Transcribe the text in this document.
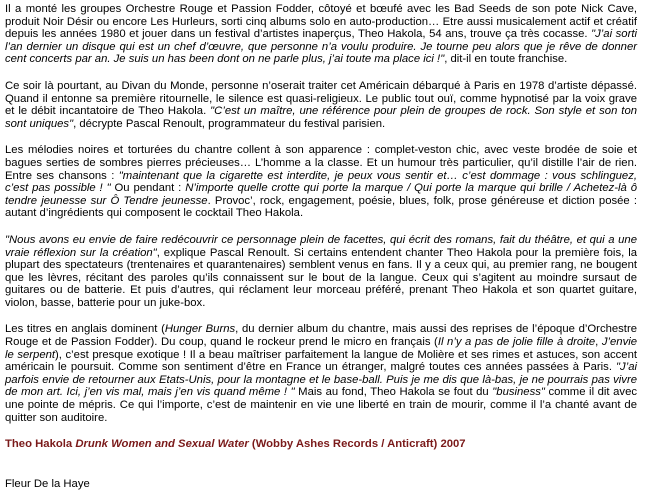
Il a monté les groupes Orchestre Rouge et Passion Fodder, côtoyé et bœufé avec les Bad Seeds de son pote Nick Cave, produit Noir Désir ou encore Les Hurleurs, sorti cinq albums solo en auto-production… Etre aussi musicalement actif et créatif depuis les années 1980 et jouer dans un festival d’artistes inaperçus, Theo Hakola, 54 ans, trouve ça très cocasse. "J’ai sorti l’an dernier un disque qui est un chef d’œuvre, que personne n’a voulu produire. Je tourne peu alors que je rêve de donner cent concerts par an. Je suis un has been dont on ne parle plus, j’ai toute ma place ici !", dit-il en toute franchise.

Ce soir là pourtant, au Divan du Monde, personne n’oserait traiter cet Américain débarqué à Paris en 1978 d’artiste dépassé. Quand il entonne sa première ritournelle, le silence est quasi-religieux. Le public tout ouï, comme hypnotisé par la voix grave et le débit incantatoire de Theo Hakola. "C’est un maître, une référence pour plein de groupes de rock. Son style et son ton sont uniques", décrypte Pascal Renoult, programmateur du festival parisien.

Les mélodies noires et torturées du chantre collent à son apparence : complet-veston chic, avec veste brodée de soie et bagues serties de sombres pierres précieuses… L’homme a la classe. Et un humour très particulier, qu’il distille l’air de rien. Entre ses chansons : "maintenant que la cigarette est interdite, je peux vous sentir et… c’est dommage : vous schlinguez, c’est pas possible ! " Ou pendant : N’importe quelle crotte qui porte la marque / Qui porte la marque qui brille / Achetez-là ô tendre jeunesse sur Ô Tendre jeunesse. Provoc’, rock, engagement, poésie, blues, folk, prose généreuse et diction posée : autant d’ingrédients qui composent le cocktail Theo Hakola.

"Nous avons eu envie de faire redécouvrir ce personnage plein de facettes, qui écrit des romans, fait du théâtre, et qui a une vraie réflexion sur la création", explique Pascal Renoult. Si certains entendent chanter Theo Hakola pour la première fois, la plupart des spectateurs (trentenaires et quarantenaires) semblent venus en fans. Il y a ceux qui, au premier rang, ne bougent que les lèvres, récitant des paroles qu’ils connaissent sur le bout de la langue. Ceux qui s’agitent au moindre sursaut de guitares ou de batterie. Et puis d’autres, qui réclament leur morceau préféré, prenant Theo Hakola et son quartet guitare, violon, basse, batterie pour un juke-box.

Les titres en anglais dominent (Hunger Burns, du dernier album du chantre, mais aussi des reprises de l’époque d’Orchestre Rouge et de Passion Fodder). Du coup, quand le rockeur prend le micro en français (Il n’y a pas de jolie fille à droite, J’envie le serpent), c’est presque exotique ! Il a beau maîtriser parfaitement la langue de Molière et ses rimes et astuces, son accent américain le poursuit. Comme son sentiment d’être en France un étranger, malgré toutes ces années passées à Paris. "J’ai parfois envie de retourner aux Etats-Unis, pour la montagne et le base-ball. Puis je me dis que là-bas, je ne pourrais pas vivre de mon art. Ici, j’en vis mal, mais j’en vis quand même ! " Mais au fond, Theo Hakola se fout du "business" comme il dit avec une pointe de mépris. Ce qui l’importe, c’est de maintenir en vie une liberté en train de mourir, comme il l’a chanté avant de quitter son auditoire.

Theo Hakola Drunk Women and Sexual Water (Wobby Ashes Records / Anticraft) 2007

Fleur De la Haye
